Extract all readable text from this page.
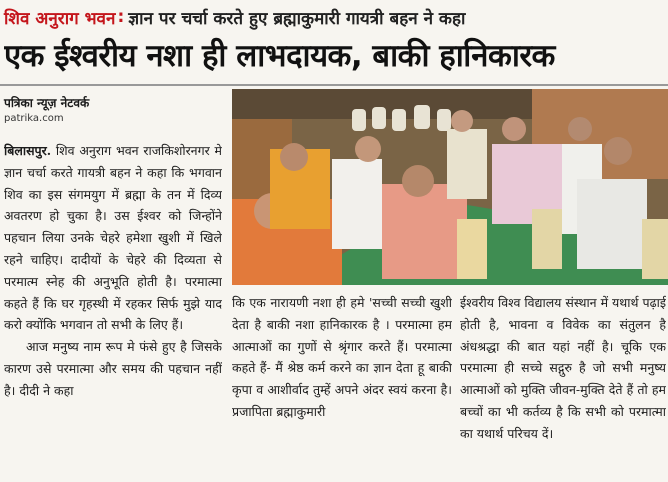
शिव अनुराग भवन : ज्ञान पर चर्चा करते हुए ब्रह्माकुमारी गायत्री बहन ने कहा
एक ईश्वरीय नशा ही लाभदायक, बाकी हानिकारक
पत्रिका न्यूज़ नेटवर्क
patrika.com

बिलासपुर. शिव अनुराग भवन राजकिशोरनगर मे ज्ञान चर्चा करते गायत्री बहन ने कहा कि भगवान शिव का इस संगमयुग में ब्रह्मा के तन में दिव्य अवतरण हो चुका है। उस ईश्वर को जिन्होंने पहचान लिया उनके चेहरे हमेशा खुशी में खिले रहने चाहिए। दादीयों के चेहरे की दिव्यता से परमात्म स्नेह की अनुभूति होती है। परमात्मा कहते हैं कि घर गृहस्थी में रहकर सिर्फ मुझे याद करो क्योंकि भगवान तो सभी के लिए हैं।

आज मनुष्य नाम रूप मे फंसे हुए है जिसके कारण उसे परमात्मा और समय की पहचान नहीं है। दीदी ने कहा

कि एक नारायणी नशा ही हमे 'सच्ची सच्ची खुशी देता है बाकी नशा हानिकारक है । परमात्मा हम आत्माओं का गुणों से श्रृंगार करते हैं। परमात्मा कहते हैं- मैं श्रेष्ठ कर्म करने का ज्ञान देता हू बाकी कृपा व आशीर्वाद तुम्हें अपने अंदर स्वयं करना है। प्रजापिता ब्रह्माकुमारी

ईश्वरीय विश्व विद्यालय संस्थान में यथार्थ पढ़ाई होती है, भावना व विवेक का संतुलन है अंधश्रद्धा की बात यहां नहीं है। चूकि एक परमात्मा ही सच्चे सद्गुरु है जो सभी मनुष्य आत्माओं को मुक्ति जीवन-मुक्ति देते हैं तो हम बच्चों का भी कर्तव्य है कि सभी को परमात्मा का यथार्थ परिचय दें।
